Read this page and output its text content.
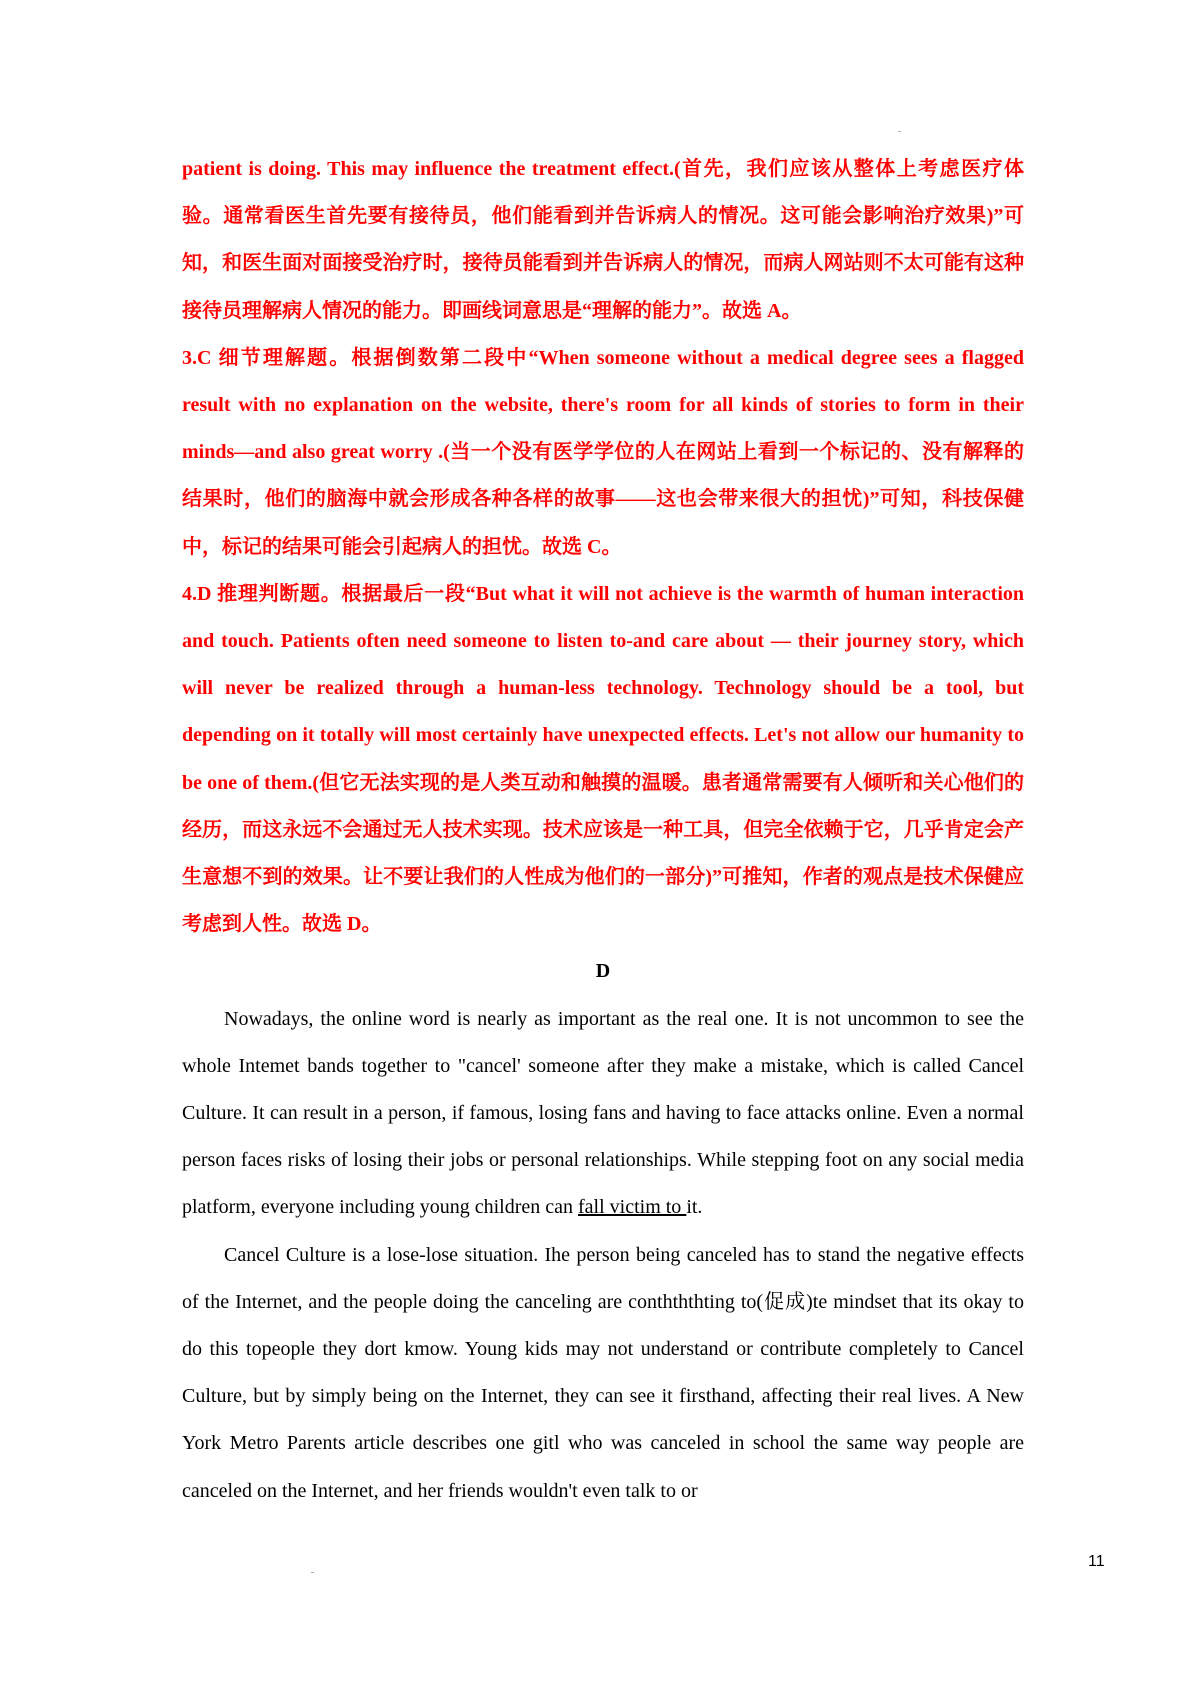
patient is doing. This may influence the treatment effect.(首先，我们应该从整体上考虑医疗体验。通常看医生首先要有接待员，他们能看到并告诉病人的情况。这可能会影响治疗效果)”可知，和医生面对面接受治疗时，接待员能看到并告诉病人的情况，而病人网站则不太可能有这种接待员理解病人情况的能力。即画线词意思是“理解的能力”。故选 A。

3.C 细节理解题。根据倒数第二段中“When someone without a medical degree sees a flagged result with no explanation on the website, there's room for all kinds of stories to form in their minds—and also great worry .(当一个没有医学学位的人在网站上看到一个标记的、没有解释的结果时，他们的脑海中就会形成各种各样的故事——这也会带来很大的担忧)”可知，科技保健中，标记的结果可能会引起病人的担忧。故选 C。

4.D 推理判断题。根据最后一段“But what it will not achieve is the warmth of human interaction and touch. Patients often need someone to listen to-and care about — their journey story, which will never be realized through a human-less technology. Technology should be a tool, but depending on it totally will most certainly have unexpected effects. Let's not allow our humanity to be one of them.(但它无法实现的是人类互动和触摸的温暖。患者通常需要有人倾听和关心他们的经历，而这永远不会通过无人技术实现。技术应该是一种工具，但完全依赖于它，几乎肯定会产生意想不到的效果。让不要让我们的人性成为他们的一部分)”可推知，作者的观点是技术保健应考虑到人性。故选 D。

D

Nowadays, the online word is nearly as important as the real one. It is not uncommon to see the whole Intemet bands together to "cancel' someone after they make a mistake, which is called Cancel Culture. It can result in a person, if famous, losing fans and having to face attacks online. Even a normal person faces risks of losing their jobs or personal relationships. While stepping foot on any social media platform, everyone including young children can fall victim to it.

Cancel Culture is a lose-lose situation. Ihe person being canceled has to stand the negative effects of the Internet, and the people doing the canceling are conthththting to(促成)te mindset that its okay to do this topeople they dort kmow. Young kids may not understand or contribute completely to Cancel Culture, but by simply being on the Internet, they can see it firsthand, affecting their real lives. A New York Metro Parents article describes one gitl who was canceled in school the same way people are canceled on the Internet, and her friends wouldn't even talk to or

11
